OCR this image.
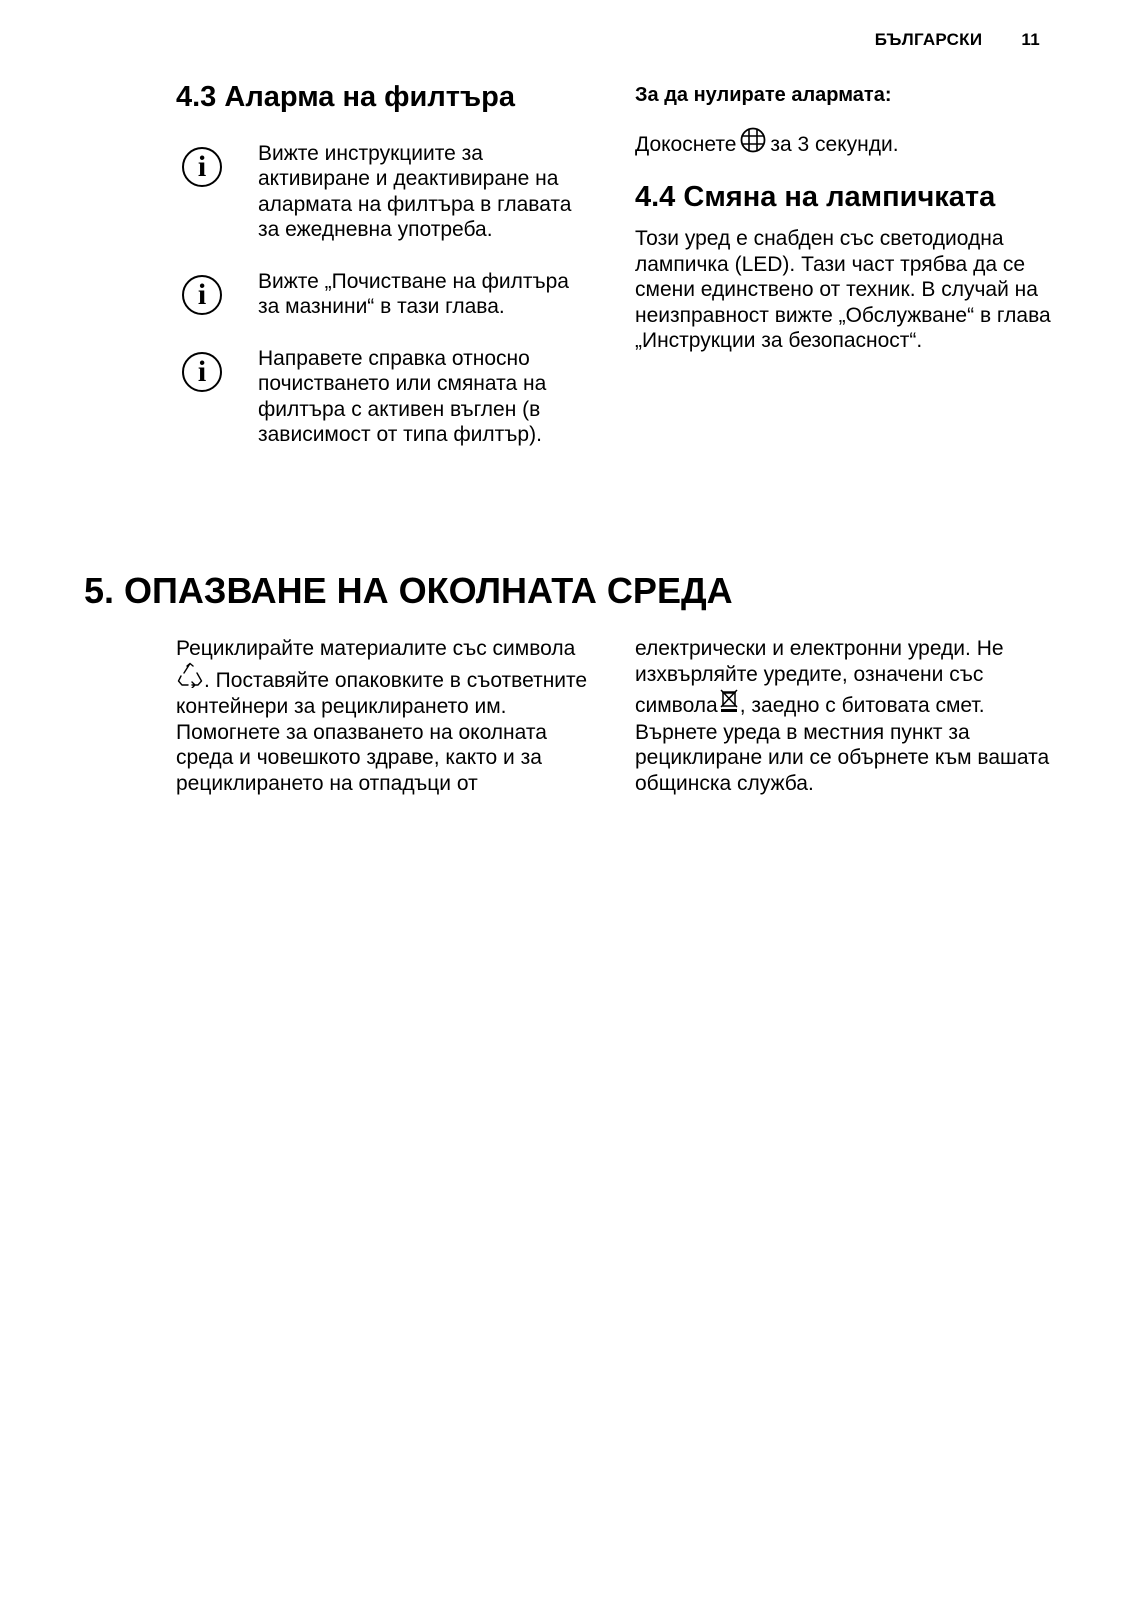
БЪЛГАРСКИ 11
4.3 Аларма на филтъра
i	Вижте инструкциите за активиране и деактивиране на алармата на филтъра в главата за ежедневна употреба.
i	Вижте „Почистване на филтъра за мазнини“ в тази глава.
i	Направете справка относно почистването или смяната на филтъра с активен въглен (в зависимост от типа филтър).

За да нулирате алармата:

Докоснете за 3 секунди.

4.4 Смяна на лампичката

Този уред е снабден със светодиодна лампичка (LED). Тази част трябва да се смени единствено от техник. В случай на неизправност вижте „Обслужване“ в глава „Инструкции за безопасност“.

5. ОПАЗВАНЕ НА ОКОЛНАТА СРЕДА
Рециклирайте материалите със символа . Поставяйте опаковките в съответните контейнери за рециклирането им. Помогнете за опазването на околната среда и човешкото здраве, както и за рециклирането на отпадъци от
електрически и електронни уреди. Не изхвърляйте уредите, означени със символа , заедно с битовата смет. Върнете уреда в местния пункт за рециклиране или се обърнете към вашата общинска служба.
